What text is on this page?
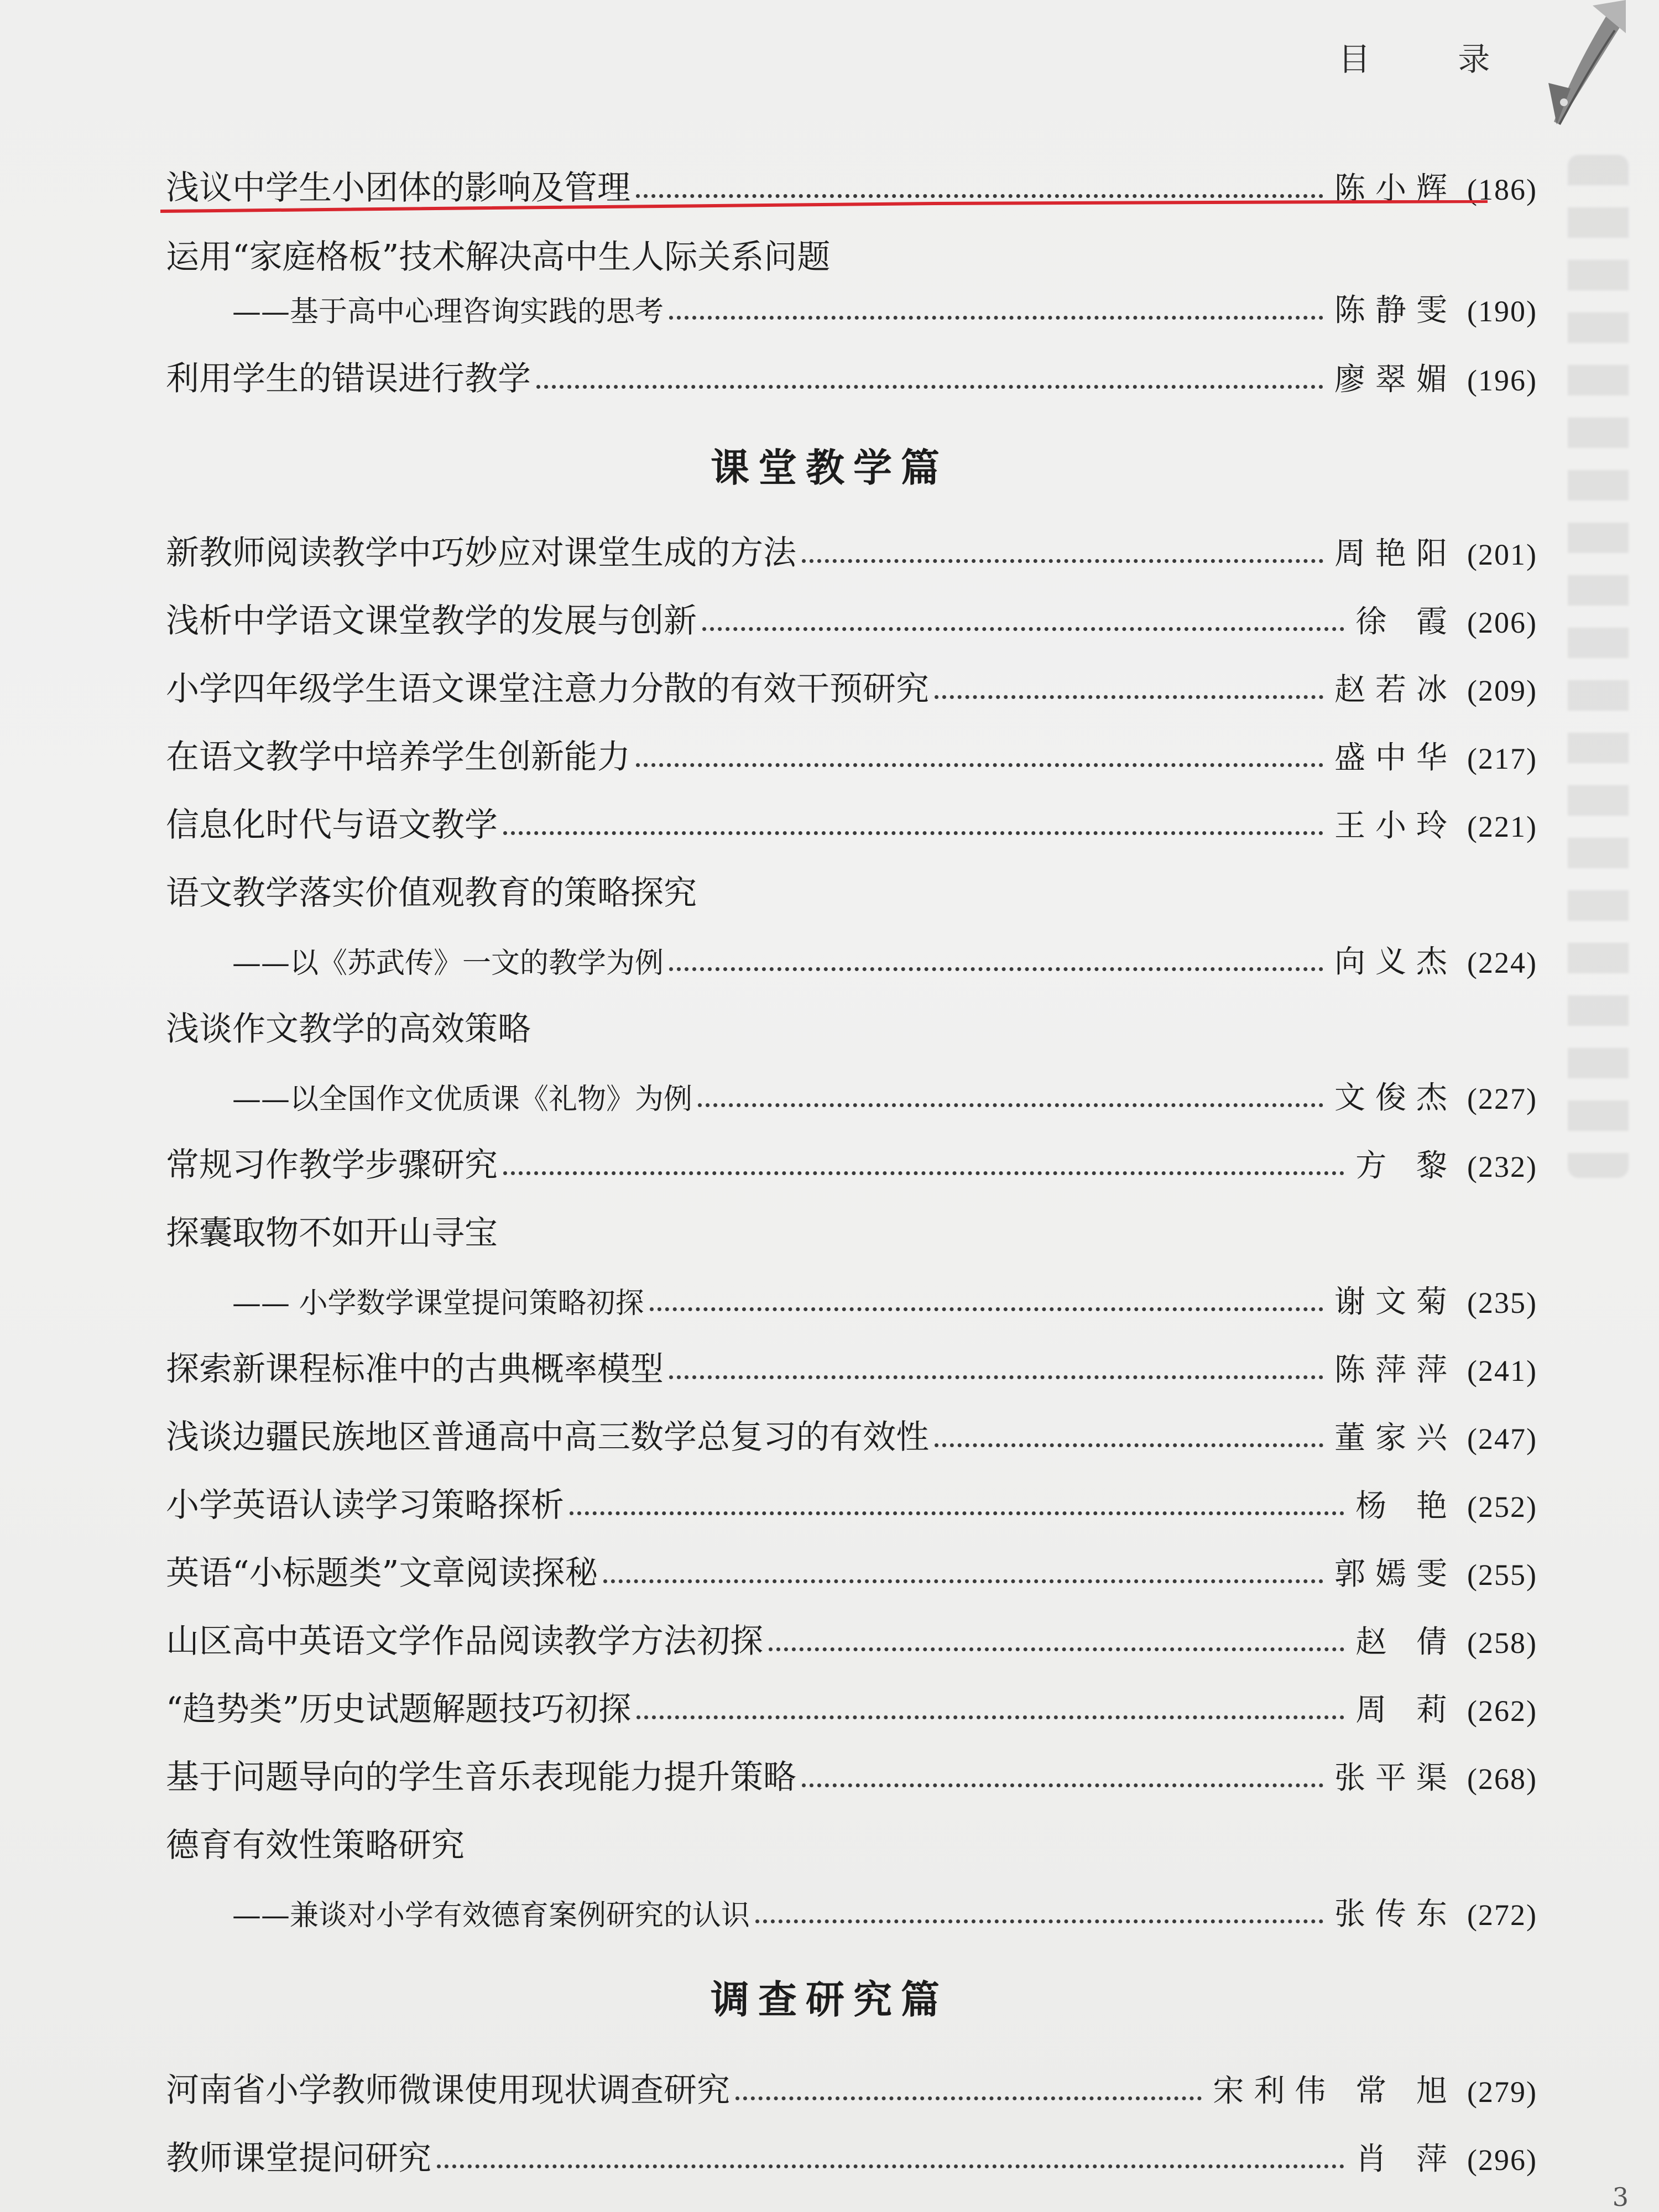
目 录
浅议中学生小团体的影响及管理	陈小辉 (186)
运用“家庭格板”技术解决高中生人际关系问题
——基于高中心理咨询实践的思考	陈静雯 (190)
利用学生的错误进行教学	廖翠媚 (196)
课堂教学篇
新教师阅读教学中巧妙应对课堂生成的方法	周艳阳 (201)
浅析中学语文课堂教学的发展与创新	徐 霞 (206)
小学四年级学生语文课堂注意力分散的有效干预研究	赵若冰 (209)
在语文教学中培养学生创新能力	盛中华 (217)
信息化时代与语文教学	王小玲 (221)
语文教学落实价值观教育的策略探究
——以《苏武传》一文的教学为例	向义杰 (224)
浅谈作文教学的高效策略
——以全国作文优质课《礼物》为例	文俊杰 (227)
常规习作教学步骤研究	方 黎 (232)
探囊取物不如开山寻宝
—— 小学数学课堂提问策略初探	谢文菊 (235)
探索新课程标准中的古典概率模型	陈萍萍 (241)
浅谈边疆民族地区普通高中高三数学总复习的有效性	董家兴 (247)
小学英语认读学习策略探析	杨 艳 (252)
英语“小标题类”文章阅读探秘	郭嫣雯 (255)
山区高中英语文学作品阅读教学方法初探	赵 倩 (258)
“趋势类”历史试题解题技巧初探	周 莉 (262)
基于问题导向的学生音乐表现能力提升策略	张平渠 (268)
德育有效性策略研究
——兼谈对小学有效德育案例研究的认识	张传东 (272)
调查研究篇
河南省小学教师微课使用现状调查研究	宋利伟 常 旭 (279)
教师课堂提问研究	肖 萍 (296)
3
